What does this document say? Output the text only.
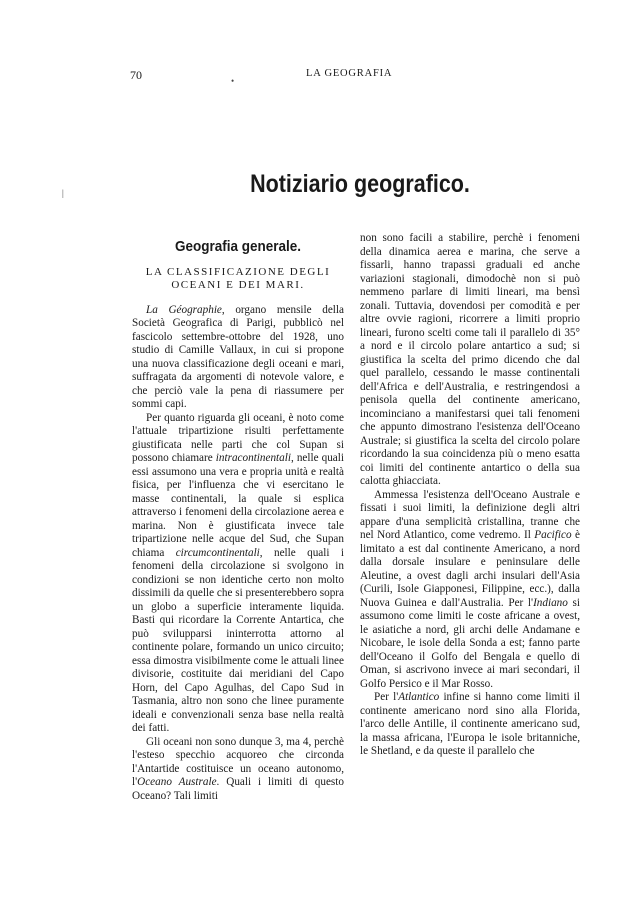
70	LA GEOGRAFIA
•
|	Notiziario geografico.
Geografia generale.
LA CLASSIFICAZIONE DEGLI OCEANI E DEI MARI.

La Géographie, organo mensile della Società Geografica di Parigi, pubblicò nel fascicolo settembre-ottobre del 1928, uno studio di Camille Vallaux, in cui si propone una nuova classificazione degli oceani e mari, suffragata da argomenti di notevole valore, e che perciò vale la pena di riassumere per sommi capi.

Per quanto riguarda gli oceani, è noto come l'attuale tripartizione risulti perfettamente giustificata nelle parti che col Supan si possono chiamare intracontinentali, nelle quali essi assumono una vera e propria unità e realtà fisica, per l'influenza che vi esercitano le masse continentali, la quale si esplica attraverso i fenomeni della circolazione aerea e marina. Non è giustificata invece tale tripartizione nelle acque del Sud, che Supan chiama circumcontinentali, nelle quali i fenomeni della circolazione si svolgono in condizioni se non identiche certo non molto dissimili da quelle che si presenterebbero sopra un globo a superficie interamente liquida. Basti qui ricordare la Corrente Antartica, che può svilupparsi ininterrotta attorno al continente polare, formando un unico circuito; essa dimostra visibilmente come le attuali linee divisorie, costituite dai meridiani del Capo Horn, del Capo Agulhas, del Capo Sud in Tasmania, altro non sono che linee puramente ideali e convenzionali senza base nella realtà dei fatti.

Gli oceani non sono dunque 3, ma 4, perchè l'esteso specchio acquoreo che circonda l'Antartide costituisce un oceano autonomo, l'Oceano Australe. Quali i limiti di questo Oceano? Tali limiti

non sono facili a stabilire, perchè i fenomeni della dinamica aerea e marina, che serve a fissarli, hanno trapassi graduali ed anche variazioni stagionali, dimodochè non si può nemmeno parlare di limiti lineari, ma bensì zonali. Tuttavia, dovendosi per comodità e per altre ovvie ragioni, ricorrere a limiti proprio lineari, furono scelti come tali il parallelo di 35° a nord e il circolo polare antartico a sud; si giustifica la scelta del primo dicendo che dal quel parallelo, cessando le masse continentali dell'Africa e dell'Australia, e restringendosi a penisola quella del continente americano, incominciano a manifestarsi quei tali fenomeni che appunto dimostrano l'esistenza dell'Oceano Australe; si giustifica la scelta del circolo polare ricordando la sua coincidenza più o meno esatta coi limiti del continente antartico o della sua calotta ghiacciata.

Ammessa l'esistenza dell'Oceano Australe e fissati i suoi limiti, la definizione degli altri appare d'una semplicità cristallina, tranne che nel Nord Atlantico, come vedremo. Il Pacifico è limitato a est dal continente Americano, a nord dalla dorsale insulare e peninsulare delle Aleutine, a ovest dagli archi insulari dell'Asia (Curili, Isole Giapponesi, Filippine, ecc.), dalla Nuova Guinea e dall'Australia. Per l'Indiano si assumono come limiti le coste africane a ovest, le asiatiche a nord, gli archi delle Andamane e Nicobare, le isole della Sonda a est; fanno parte dell'Oceano il Golfo del Bengala e quello di Oman, si ascrivono invece ai mari secondari, il Golfo Persico e il Mar Rosso.

Per l'Atlantico infine si hanno come limiti il continente americano nord sino alla Florida, l'arco delle Antille, il continente americano sud, la massa africana, l'Europa le isole britanniche, le Shetland, e da queste il parallelo che
